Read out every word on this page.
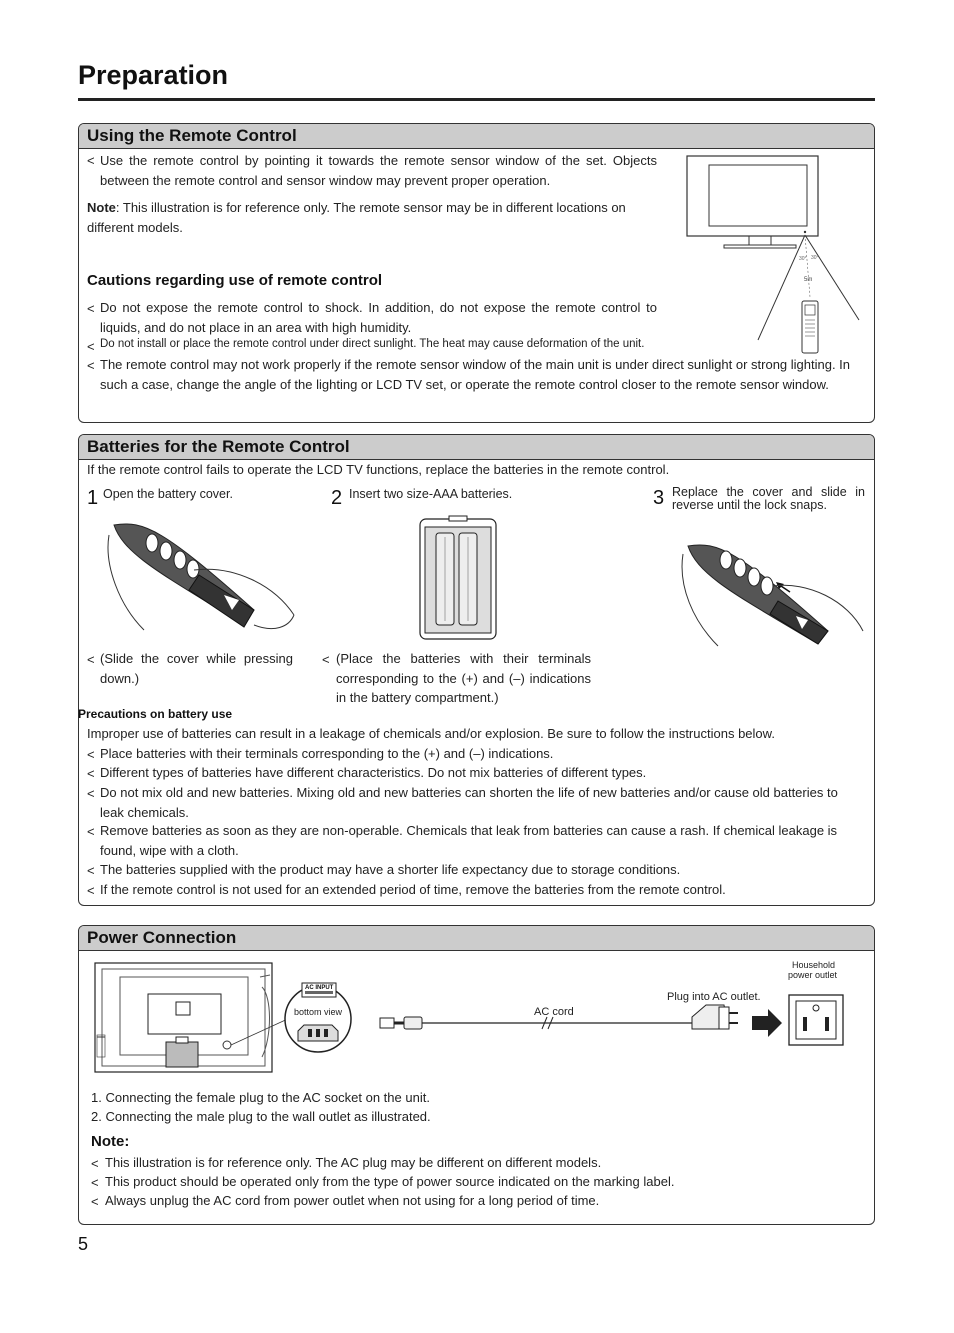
Preparation
Using the Remote Control
< Use the remote control by pointing it towards the remote sensor window of the set. Objects between the remote control and sensor window may prevent proper operation.
Note: This illustration is for reference only. The remote sensor may be in different locations on different models.
Cautions regarding use of remote control
< Do not expose the remote control to shock. In addition, do not expose the remote control to liquids, and do not place in an area with high humidity.
< Do not install or place the remote control under direct sunlight. The heat may cause deformation of the unit.
< The remote control may not work properly if the remote sensor window of the main unit is under direct sunlight or strong lighting. In such a case, change the angle of the lighting or LCD TV set, or operate the remote control closer to the remote sensor window.
30° 30°
5m
Batteries for the Remote Control
If the remote control fails to operate the LCD TV functions, replace the batteries in the remote control.
1 Open the battery cover.	2 Insert two size-AAA batteries.	3 Replace the cover and slide in reverse until the lock snaps.
< (Slide the cover while pressing down.)
< (Place the batteries with their terminals corresponding to the (+) and (–) indications in the battery compartment.)
Precautions on battery use
Improper use of batteries can result in a leakage of chemicals and/or explosion. Be sure to follow the instructions below.
< Place batteries with their terminals corresponding to the (+) and (–) indications.
< Different types of batteries have different characteristics. Do not mix batteries of different types.
< Do not mix old and new batteries. Mixing old and new batteries can shorten the life of new batteries and/or cause old batteries to leak chemicals.
< Remove batteries as soon as they are non-operable. Chemicals that leak from batteries can cause a rash. If chemical leakage is found, wipe with a cloth.
< The batteries supplied with the product may have a shorter life expectancy due to storage conditions.
< If the remote control is not used for an extended period of time, remove the batteries from the remote control.
Power Connection
AC INPUT
bottom view	AC cord
Plug into AC outlet.
Household
power outlet
1. Connecting the female plug to the AC socket on the unit.
2. Connecting the male plug to the wall outlet as illustrated.
Note:
< This illustration is for reference only. The AC plug may be different on different models.
< This product should be operated only from the type of power source indicated on the marking label.
< Always unplug the AC cord from power outlet when not using for a long period of time.
5
